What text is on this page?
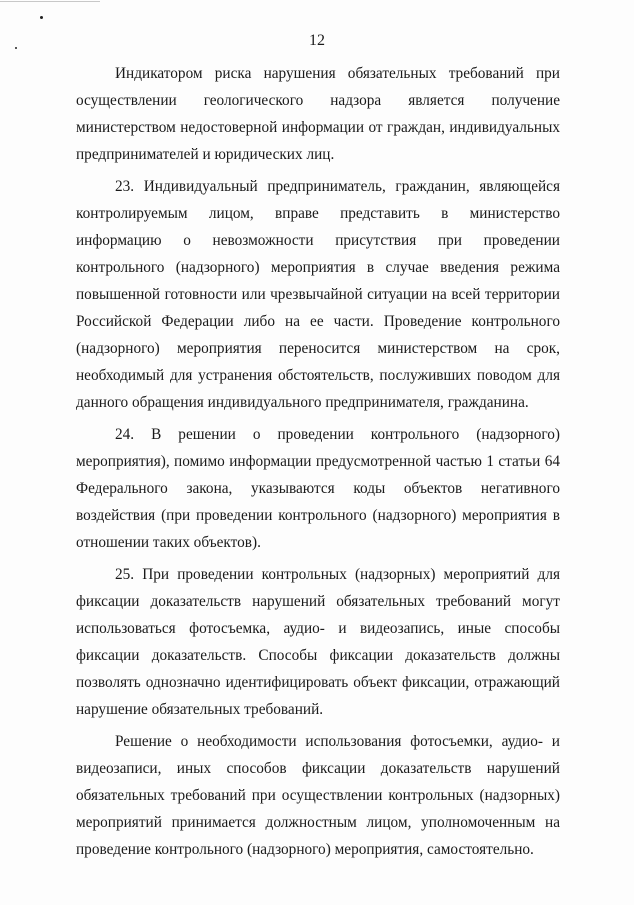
12

Индикатором риска нарушения обязательных требований при осуществлении геологического надзора является получение министерством недостоверной информации от граждан, индивидуальных предпринимателей и юридических лиц.

23. Индивидуальный предприниматель, гражданин, являющейся контролируемым лицом, вправе представить в министерство информацию о невозможности присутствия при проведении контрольного (надзорного) мероприятия в случае введения режима повышенной готовности или чрезвычайной ситуации на всей территории Российской Федерации либо на ее части. Проведение контрольного (надзорного) мероприятия переносится министерством на срок, необходимый для устранения обстоятельств, послуживших поводом для данного обращения индивидуального предпринимателя, гражданина.

24. В решении о проведении контрольного (надзорного) мероприятия), помимо информации предусмотренной частью 1 статьи 64 Федерального закона, указываются коды объектов негативного воздействия (при проведении контрольного (надзорного) мероприятия в отношении таких объектов).

25. При проведении контрольных (надзорных) мероприятий для фиксации доказательств нарушений обязательных требований могут использоваться фотосъемка, аудио- и видеозапись, иные способы фиксации доказательств. Способы фиксации доказательств должны позволять однозначно идентифицировать объект фиксации, отражающий нарушение обязательных требований.

Решение о необходимости использования фотосъемки, аудио- и видеозаписи, иных способов фиксации доказательств нарушений обязательных требований при осуществлении контрольных (надзорных) мероприятий принимается должностным лицом, уполномоченным на проведение контрольного (надзорного) мероприятия, самостоятельно.
